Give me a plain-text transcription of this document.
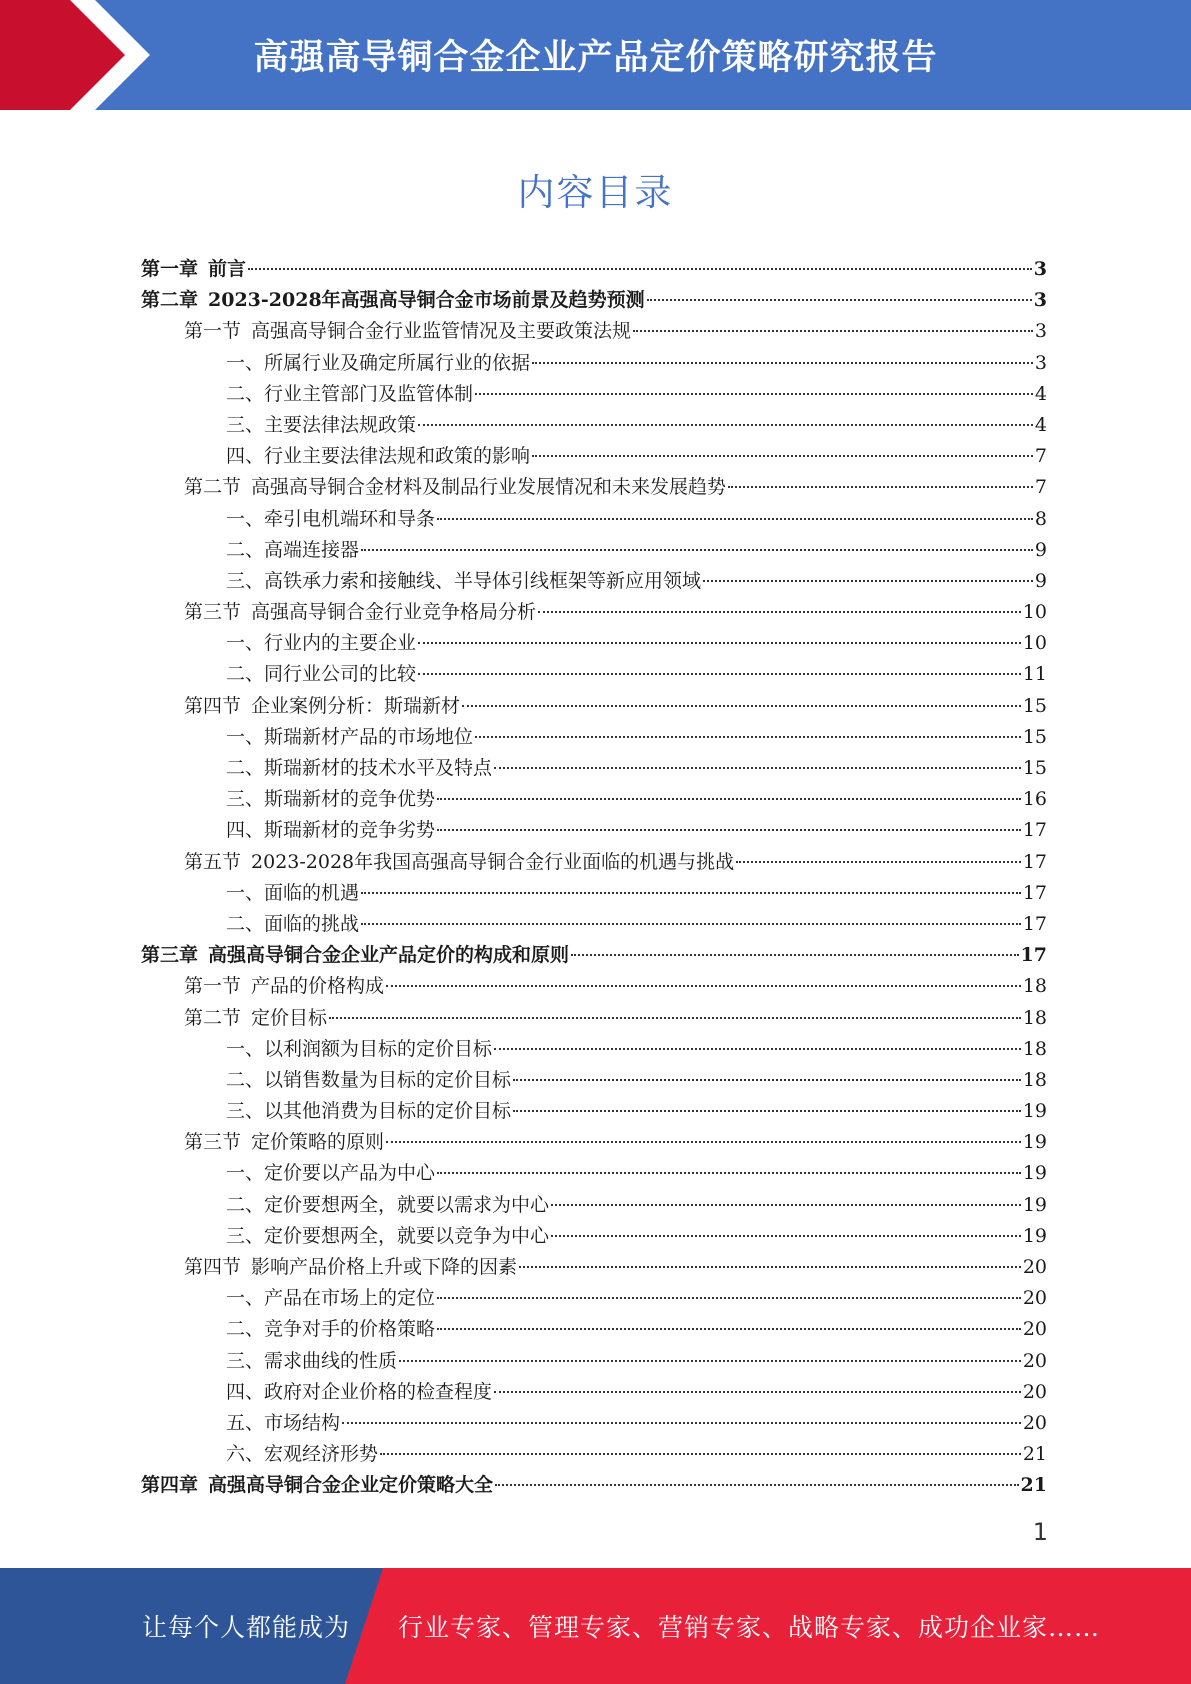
高强高导铜合金企业产品定价策略研究报告
内容目录
第一章 前言	3
第二章 2023-2028年高强高导铜合金市场前景及趋势预测	3
第一节 高强高导铜合金行业监管情况及主要政策法规	3
一、所属行业及确定所属行业的依据	3
二、行业主管部门及监管体制	4
三、主要法律法规政策	4
四、行业主要法律法规和政策的影响	7
第二节 高强高导铜合金材料及制品行业发展情况和未来发展趋势	7
一、牵引电机端环和导条	8
二、高端连接器	9
三、高铁承力索和接触线、半导体引线框架等新应用领域	9
第三节 高强高导铜合金行业竞争格局分析	10
一、行业内的主要企业	10
二、同行业公司的比较	11
第四节 企业案例分析：斯瑞新材	15
一、斯瑞新材产品的市场地位	15
二、斯瑞新材的技术水平及特点	15
三、斯瑞新材的竞争优势	16
四、斯瑞新材的竞争劣势	17
第五节 2023-2028年我国高强高导铜合金行业面临的机遇与挑战	17
一、面临的机遇	17
二、面临的挑战	17
第三章 高强高导铜合金企业产品定价的构成和原则	17
第一节 产品的价格构成	18
第二节 定价目标	18
一、以利润额为目标的定价目标	18
二、以销售数量为目标的定价目标	18
三、以其他消费为目标的定价目标	19
第三节 定价策略的原则	19
一、定价要以产品为中心	19
二、定价要想两全，就要以需求为中心	19
三、定价要想两全，就要以竞争为中心	19
第四节 影响产品价格上升或下降的因素	20
一、产品在市场上的定位	20
二、竞争对手的价格策略	20
三、需求曲线的性质	20
四、政府对企业价格的检查程度	20
五、市场结构	20
六、宏观经济形势	21
第四章 高强高导铜合金企业定价策略大全	21
1
让每个人都能成为 行业专家、管理专家、营销专家、战略专家、成功企业家……
